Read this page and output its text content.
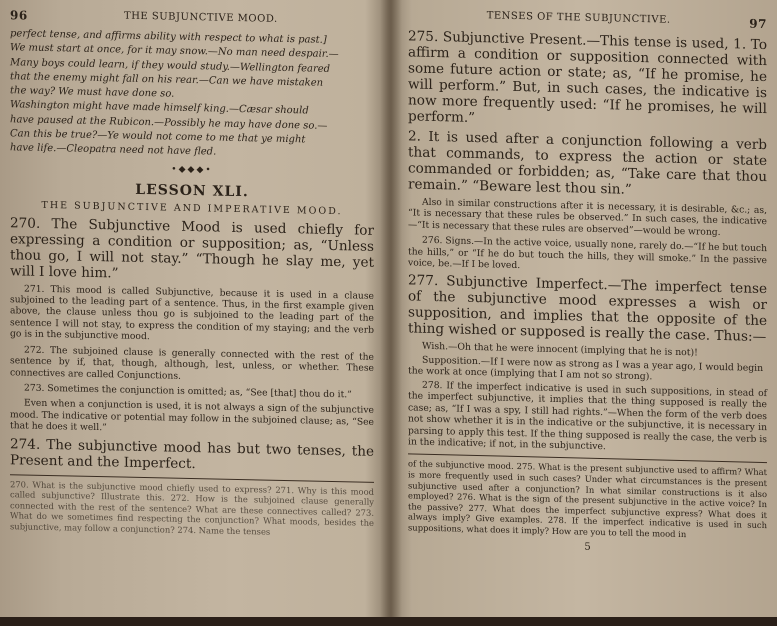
96	THE SUBJUNCTIVE MOOD.

perfect tense, and affirms ability with respect to what is past.]

We must start at once, for it may snow.—No man need despair.—

Many boys could learn, if they would study.—Wellington feared

that the enemy might fall on his rear.—Can we have mistaken

the way? We must have done so.

Washington might have made himself king.—Cæsar should

have paused at the Rubicon.—Possibly he may have done so.—

Can this be true?—Ye would not come to me that ye might

have life.—Cleopatra need not have fled.

•◆◆◆•
LESSON XLI.
THE SUBJUNCTIVE AND IMPERATIVE MOOD.

270. The Subjunctive Mood is used chiefly for expressing a condition or supposition; as, “Unless thou go, I will not stay.” “Though he slay me, yet will I love him.”

271. This mood is called Subjunctive, because it is used in a clause subjoined to the leading part of a sentence. Thus, in the first example given above, the clause unless thou go is subjoined to the leading part of the sentence I will not stay, to express the condition of my staying; and the verb go is in the subjunctive mood.

272. The subjoined clause is generally connected with the rest of the sentence by if, that, though, although, lest, unless, or whether. These connectives are called Conjunctions.

273. Sometimes the conjunction is omitted; as, “See [that] thou do it.”

Even when a conjunction is used, it is not always a sign of the subjunctive mood. The indicative or potential may follow in the subjoined clause; as, “See that he does it well.”

274. The subjunctive mood has but two tenses, the Present and the Imperfect.

270. What is the subjunctive mood chiefly used to express? 271. Why is this mood called subjunctive? Illustrate this. 272. How is the subjoined clause generally connected with the rest of the sentence? What are these connectives called? 273. What do we sometimes find respecting the conjunction? What moods, besides the subjunctive, may follow a conjunction? 274. Name the tenses

TENSES OF THE SUBJUNCTIVE.	97

275. Subjunctive Present.—This tense is used, 1. To affirm a condition or supposition connected with some future action or state; as, “If he promise, he will perform.” But, in such cases, the indicative is now more frequently used: “If he promises, he will perform.”

2. It is used after a conjunction following a verb that commands, to express the action or state commanded or forbidden; as, “Take care that thou remain.” “Beware lest thou sin.”

Also in similar constructions after it is necessary, it is desirable, &c.; as, “It is necessary that these rules be observed.” In such cases, the indicative—“It is necessary that these rules are observed”—would be wrong.

276. Signs.—In the active voice, usually none, rarely do.—“If he but touch the hills,” or “If he do but touch the hills, they will smoke.” In the passive voice, be.—If I be loved.

277. Subjunctive Imperfect.—The imperfect tense of the subjunctive mood expresses a wish or supposition, and implies that the opposite of the thing wished or supposed is really the case. Thus:—

Wish.—Oh that he were innocent (implying that he is not)!

Supposition.—If I were now as strong as I was a year ago, I would begin the work at once (implying that I am not so strong).

278. If the imperfect indicative is used in such suppositions, in stead of the imperfect subjunctive, it implies that the thing supposed is really the case; as, “If I was a spy, I still had rights.”—When the form of the verb does not show whether it is in the indicative or the subjunctive, it is necessary in parsing to apply this test. If the thing supposed is really the case, the verb is in the indicative; if not, in the subjunctive.

of the subjunctive mood. 275. What is the present subjunctive used to affirm? What is more frequently used in such cases? Under what circumstances is the present subjunctive used after a conjunction? In what similar constructions is it also employed? 276. What is the sign of the present subjunctive in the active voice? In the passive? 277. What does the imperfect subjunctive express? What does it always imply? Give examples. 278. If the imperfect indicative is used in such suppositions, what does it imply? How are you to tell the mood in

5
